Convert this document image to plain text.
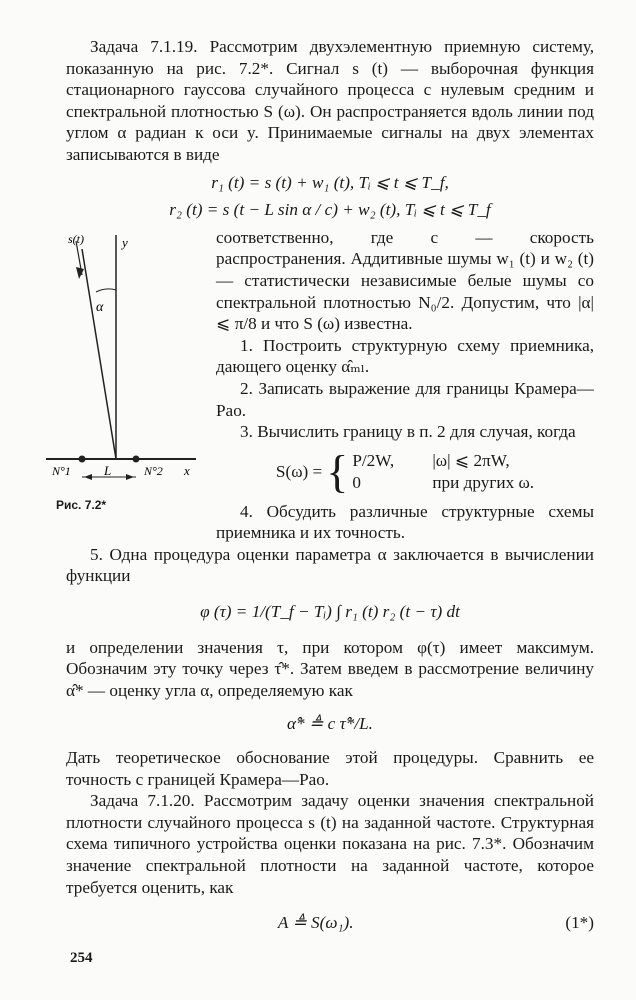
Задача 7.1.19. Рассмотрим двухэлементную приемную систему, показанную на рис. 7.2*. Сигнал s (t) — выборочная функция стационарного гауссова случайного процесса с нулевым средним и спектральной плотностью S (ω). Он распространяется вдоль линии под углом α радиан к оси y. Принимаемые сигналы на двух элементах записываются в виде

r₁ (t) = s (t) + w₁ (t), Tᵢ ⩽ t ⩽ T_f,
r₂ (t) = s (t − L sin α / c) + w₂ (t), Tᵢ ⩽ t ⩽ T_f
s(t)	y
α
N°1	N°2
L	x
Рис. 7.2*

соответственно, где c — скорость распространения. Аддитивные шумы w₁ (t) и w₂ (t) — статистически независимые белые шумы со спектральной плотностью N₀/2. Допустим, что |α| ⩽ π/8 и что S (ω) известна.

1. Построить структурную схему приемника, дающего оценку α̂ₘₗ.

2. Записать выражение для границы Крамера—Рао.

3. Вычислить границу в п. 2 для случая, когда

S(ω) = { P/2W, |ω| ⩽ 2πW,
0	при других ω.

4. Обсудить различные структурные схемы приемника и их точность.

5. Одна процедура оценки параметра α заключается в вычислении функции

φ (τ) = 1/(T_f − Tᵢ) ∫ r₁ (t) r₂ (t − τ) dt

и определении значения τ, при котором φ(τ) имеет максимум. Обозначим эту точку через τ̂*. Затем введем в рассмотрение величину α̂* — оценку угла α, определяемую как

α̂* ≜ c τ̂*/L.

Дать теоретическое обоснование этой процедуры. Сравнить ее точность с границей Крамера—Рао.

Задача 7.1.20. Рассмотрим задачу оценки значения спектральной плотности случайного процесса s (t) на заданной частоте. Структурная схема типичного устройства оценки показана на рис. 7.3*. Обозначим значение спектральной плотности на заданной частоте, которое требуется оценить, как

A ≜ S(ω₁).	(1*)
254
